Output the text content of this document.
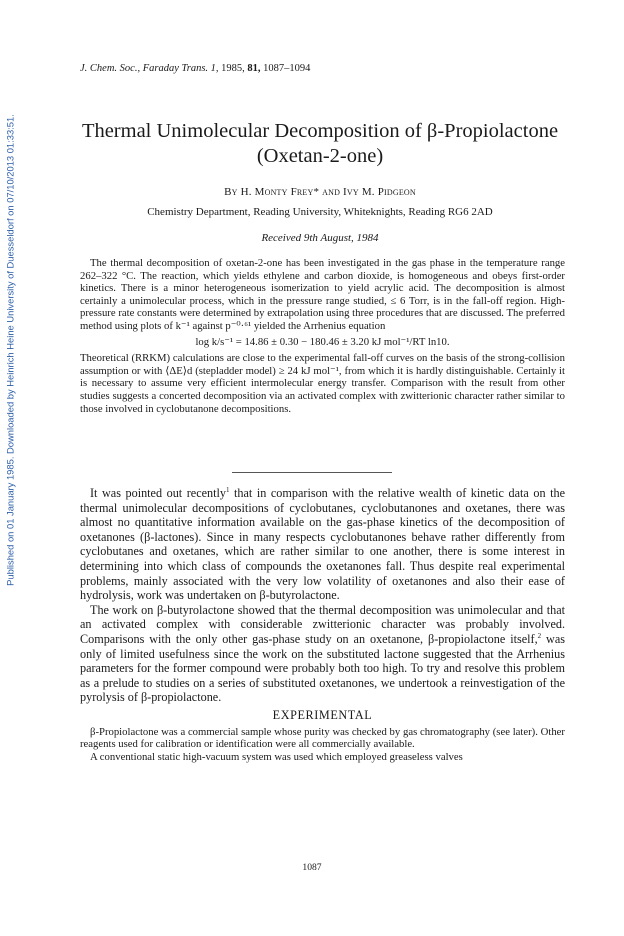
Published on 01 January 1985. Downloaded by Heinrich Heine University of Duesseldorf on 07/10/2013 01:33:51.
J. Chem. Soc., Faraday Trans. 1, 1985, 81, 1087–1094
Thermal Unimolecular Decomposition of β-Propiolactone
(Oxetan-2-one)
By H. Monty Frey* and Ivy M. Pidgeon
Chemistry Department, Reading University, Whiteknights, Reading RG6 2AD
Received 9th August, 1984

The thermal decomposition of oxetan-2-one has been investigated in the gas phase in the temperature range 262–322 °C. The reaction, which yields ethylene and carbon dioxide, is homogeneous and obeys first-order kinetics. There is a minor heterogeneous isomerization to yield acrylic acid. The decomposition is almost certainly a unimolecular process, which in the pressure range studied, ≤ 6 Torr, is in the fall-off region. High-pressure rate constants were determined by extrapolation using three procedures that are discussed. The preferred method using plots of k⁻¹ against p⁻⁰·⁶¹ yielded the Arrhenius equation

log k/s⁻¹ = 14.86 ± 0.30 − 180.46 ± 3.20 kJ mol⁻¹/RT ln10.

Theoretical (RRKM) calculations are close to the experimental fall-off curves on the basis of the strong-collision assumption or with ⟨ΔE⟩d (stepladder model) ≥ 24 kJ mol⁻¹, from which it is hardly distinguishable. Certainly it is necessary to assume very efficient intermolecular energy transfer. Comparison with the result from other studies suggests a concerted decomposition via an activated complex with zwitterionic character rather similar to those involved in cyclobutanone decompositions.

It was pointed out recently$^1$ that in comparison with the relative wealth of kinetic data on the thermal unimolecular decompositions of cyclobutanes, cyclobutanones and oxetanes, there was almost no quantitative information available on the gas-phase kinetics of the decomposition of oxetanones (β-lactones). Since in many respects cyclobutanones behave rather differently from cyclobutanes and oxetanes, which are rather similar to one another, there is some interest in determining into which class of compounds the oxetanones fall. Thus despite real experimental problems, mainly associated with the very low volatility of oxetanones and also their ease of hydrolysis, work was undertaken on β-butyrolactone.

The work on β-butyrolactone showed that the thermal decomposition was unimolecular and that an activated complex with considerable zwitterionic character was probably involved. Comparisons with the only other gas-phase study on an oxetanone, β-propiolactone itself,$^2$ was only of limited usefulness since the work on the substituted lactone suggested that the Arrhenius parameters for the former compound were probably both too high. To try and resolve this problem as a prelude to studies on a series of substituted oxetanones, we undertook a reinvestigation of the pyrolysis of β-propiolactone.

EXPERIMENTAL

β-Propiolactone was a commercial sample whose purity was checked by gas chromatography (see later). Other reagents used for calibration or identification were all commercially available.

A conventional static high-vacuum system was used which employed greaseless valves

1087
